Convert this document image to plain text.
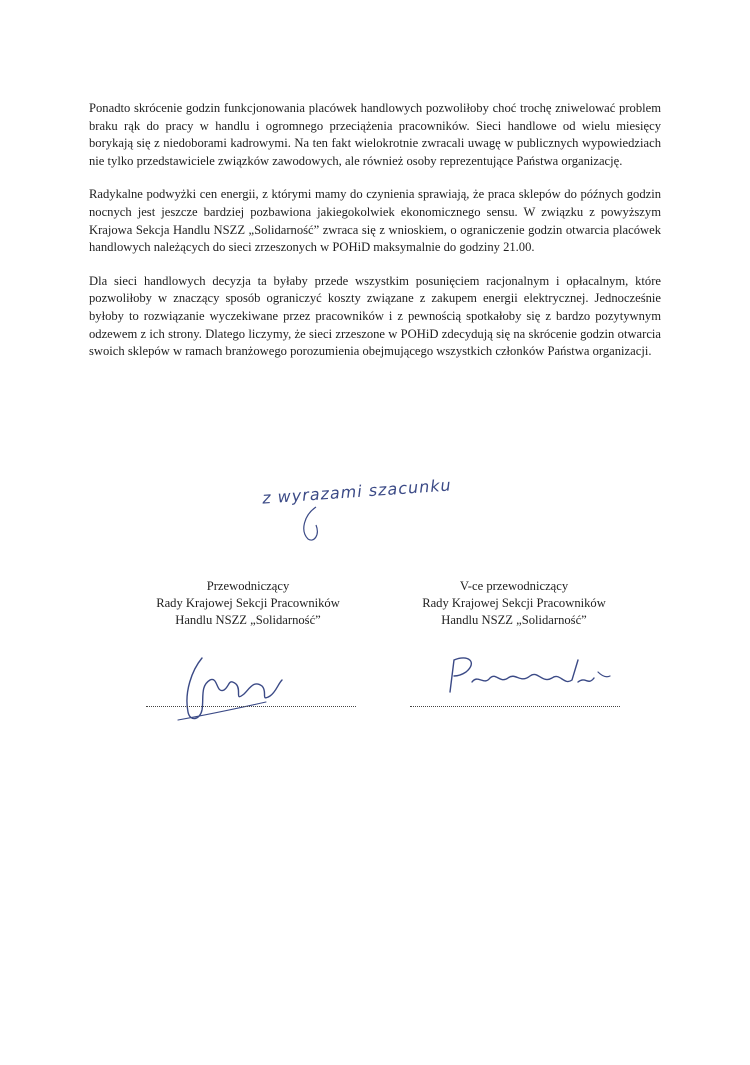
Ponadto skrócenie godzin funkcjonowania placówek handlowych pozwoliłoby choć trochę zniwelować problem braku rąk do pracy w handlu i ogromnego przeciążenia pracowników. Sieci handlowe od wielu miesięcy borykają się z niedoborami kadrowymi. Na ten fakt wielokrotnie zwracali uwagę w publicznych wypowiedziach nie tylko przedstawiciele związków zawodowych, ale również osoby reprezentujące Państwa organizację.

Radykalne podwyżki cen energii, z którymi mamy do czynienia sprawiają, że praca sklepów do późnych godzin nocnych jest jeszcze bardziej pozbawiona jakiegokolwiek ekonomicznego sensu. W związku z powyższym Krajowa Sekcja Handlu NSZZ „Solidarność” zwraca się z wnioskiem, o ograniczenie godzin otwarcia placówek handlowych należących do sieci zrzeszonych w POHiD maksymalnie do godziny 21.00.

Dla sieci handlowych decyzja ta byłaby przede wszystkim posunięciem racjonalnym i opłacalnym, które pozwoliłoby w znaczący sposób ograniczyć koszty związane z zakupem energii elektrycznej. Jednocześnie byłoby to rozwiązanie wyczekiwane przez pracowników i z pewnością spotkałoby się z bardzo pozytywnym odzewem z ich strony. Dlatego liczymy, że sieci zrzeszone w POHiD zdecydują się na skrócenie godzin otwarcia swoich sklepów w ramach branżowego porozumienia obejmującego wszystkich członków Państwa organizacji.

z wyrazami szacunku
Przewodniczący
Rady Krajowej Sekcji Pracowników
Handlu NSZZ „Solidarność”
V-ce przewodniczący
Rady Krajowej Sekcji Pracowników
Handlu NSZZ „Solidarność”
